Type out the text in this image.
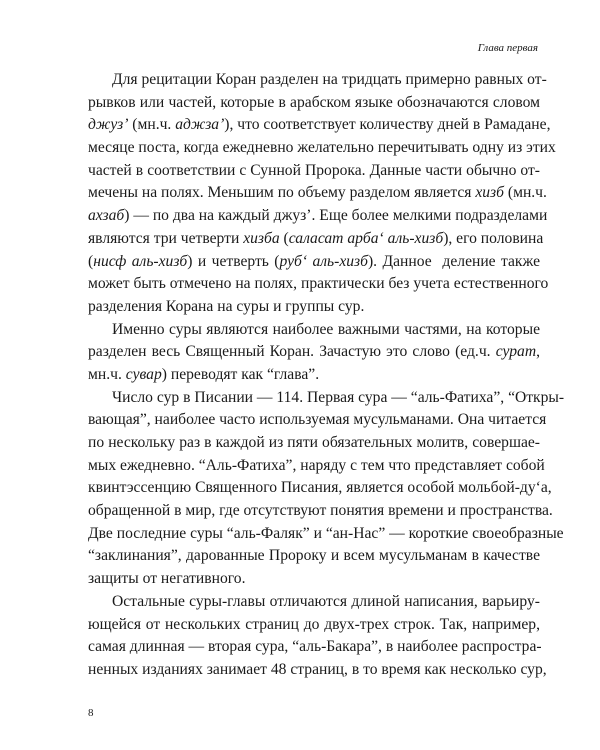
Глава первая
Для рецитации Коран разделен на тридцать примерно равных от-
рывков или частей, которые в арабском языке обозначаются словом
джуз’ (мн.ч. аджза’), что соответствует количеству дней в Рамадане,
месяце поста, когда ежедневно желательно перечитывать одну из этих
частей в соответствии с Сунной Пророка. Данные части обычно от-
мечены на полях. Меньшим по объему разделом является хизб (мн.ч.
ахзаб) — по два на каждый джуз’. Еще более мелкими подразделами
являются три четверти хизба (саласат арба‘ аль-хизб), его половина
(нисф аль-хизб) и четверть (руб‘ аль-хизб). Данное  деление также
может быть отмечено на полях, практически без учета естественного
разделения Корана на суры и группы сур.
Именно суры являются наиболее важными частями, на которые
разделен весь Священный Коран. Зачастую это слово (ед.ч. сурат,
мн.ч. сувар) переводят как “глава”.
Число сур в Писании — 114. Первая сура — “аль-Фатиха”, “Откры-
вающая”, наиболее часто используемая мусульманами. Она читается
по нескольку раз в каждой из пяти обязательных молитв, совершае-
мых ежедневно. “Аль-Фатиха”, наряду с тем что представляет собой
квинтэссенцию Священного Писания, является особой мольбой-ду‘а,
обращенной в мир, где отсутствуют понятия времени и пространства.
Две последние суры “аль-Фаляк” и “ан-Нас” — короткие своеобразные
“заклинания”, дарованные Пророку и всем мусульманам в качестве
защиты от негативного.
Остальные суры-главы отличаются длиной написания, варьиру-
ющейся от нескольких страниц до двух-трех строк. Так, например,
самая длинная — вторая сура, “аль-Бакара”, в наиболее распростра-
ненных изданиях занимает 48 страниц, в то время как несколько сур,
8
